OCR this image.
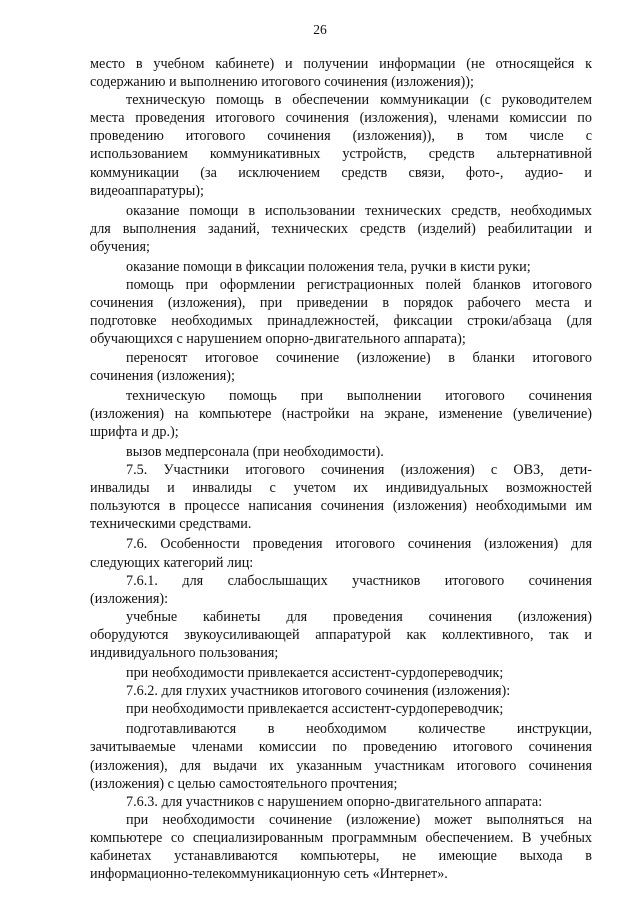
26
место в учебном кабинете) и получении информации (не относящейся к
содержанию и выполнению итогового сочинения (изложения));
техническую помощь в обеспечении коммуникации (с руководителем
места проведения итогового сочинения (изложения), членами комиссии по
проведению итогового сочинения (изложения)), в том числе с
использованием коммуникативных устройств, средств альтернативной
коммуникации (за исключением средств связи, фото-, аудио- и
видеоаппаратуры);
оказание помощи в использовании технических средств, необходимых
для выполнения заданий, технических средств (изделий) реабилитации и
обучения;
оказание помощи в фиксации положения тела, ручки в кисти руки;
помощь при оформлении регистрационных полей бланков итогового
сочинения (изложения), при приведении в порядок рабочего места и
подготовке необходимых принадлежностей, фиксации строки/абзаца (для
обучающихся с нарушением опорно-двигательного аппарата);
переносят итоговое сочинение (изложение) в бланки итогового
сочинения (изложения);
техническую помощь при выполнении итогового сочинения
(изложения) на компьютере (настройки на экране, изменение (увеличение)
шрифта и др.);
вызов медперсонала (при необходимости).
7.5. Участники итогового сочинения (изложения) с ОВЗ, дети-
инвалиды и инвалиды с учетом их индивидуальных возможностей
пользуются в процессе написания сочинения (изложения) необходимыми им
техническими средствами.
7.6. Особенности проведения итогового сочинения (изложения) для
следующих категорий лиц:
7.6.1. для слабослышащих участников итогового сочинения
(изложения):
учебные кабинеты для проведения сочинения (изложения)
оборудуются звукоусиливающей аппаратурой как коллективного, так и
индивидуального пользования;
при необходимости привлекается ассистент-сурдопереводчик;
7.6.2. для глухих участников итогового сочинения (изложения):
при необходимости привлекается ассистент-сурдопереводчик;
подготавливаются в необходимом количестве инструкции,
зачитываемые членами комиссии по проведению итогового сочинения
(изложения), для выдачи их указанным участникам итогового сочинения
(изложения) с целью самостоятельного прочтения;
7.6.3. для участников с нарушением опорно-двигательного аппарата:
при необходимости сочинение (изложение) может выполняться на
компьютере со специализированным программным обеспечением. В учебных
кабинетах устанавливаются компьютеры, не имеющие выхода в
информационно-телекоммуникационную сеть «Интернет».
